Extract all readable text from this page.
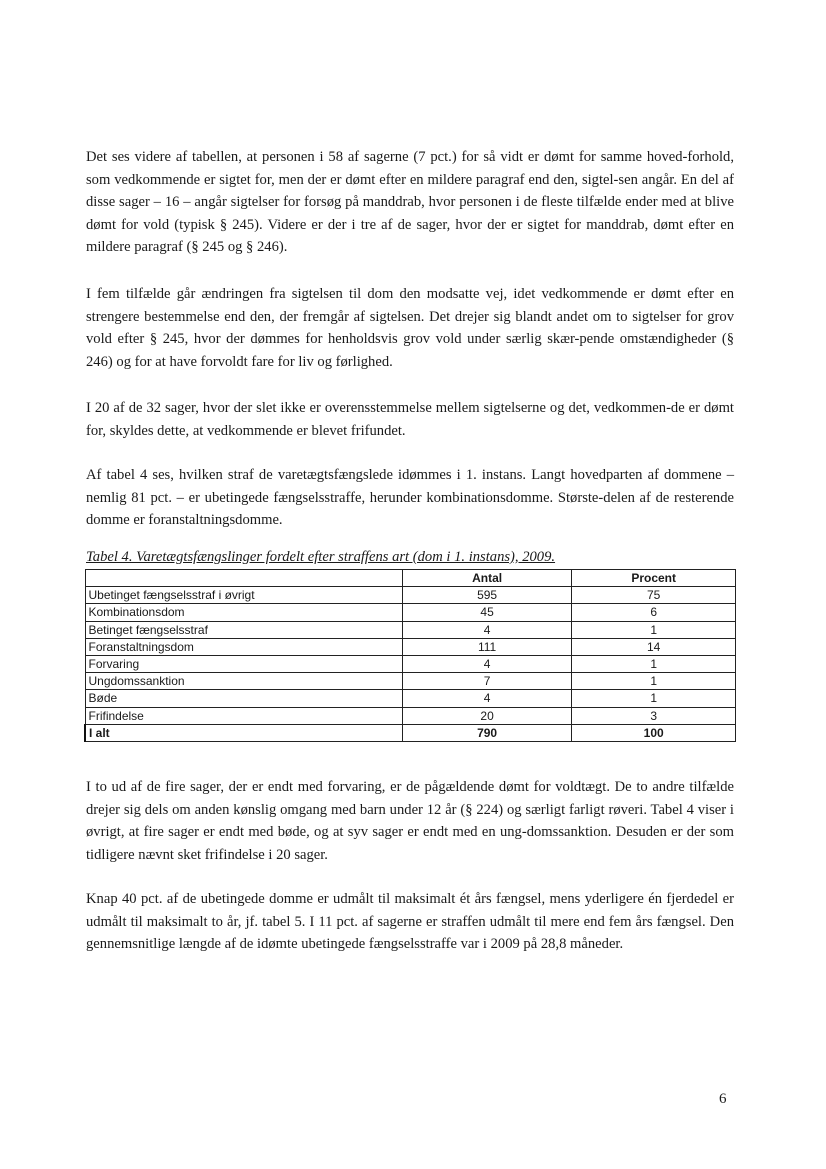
Det ses videre af tabellen, at personen i 58 af sagerne (7 pct.) for så vidt er dømt for samme hoved-forhold, som vedkommende er sigtet for, men der er dømt efter en mildere paragraf end den, sigtel-sen angår. En del af disse sager – 16 – angår sigtelser for forsøg på manddrab, hvor personen i de fleste tilfælde ender med at blive dømt for vold (typisk § 245). Videre er der i tre af de sager, hvor der er sigtet for manddrab, dømt efter en mildere paragraf (§ 245 og § 246).

I fem tilfælde går ændringen fra sigtelsen til dom den modsatte vej, idet vedkommende er dømt efter en strengere bestemmelse end den, der fremgår af sigtelsen. Det drejer sig blandt andet om to sigtelser for grov vold efter § 245, hvor der dømmes for henholdsvis grov vold under særlig skær-pende omstændigheder (§ 246) og for at have forvoldt fare for liv og førlighed.

I 20 af de 32 sager, hvor der slet ikke er overensstemmelse mellem sigtelserne og det, vedkommen-de er dømt for, skyldes dette, at vedkommende er blevet frifundet.

Af tabel 4 ses, hvilken straf de varetægtsfængslede idømmes i 1. instans. Langt hovedparten af dommene – nemlig 81 pct. – er ubetingede fængselsstraffe, herunder kombinationsdomme. Største-delen af de resterende domme er foranstaltningsdomme.

Tabel 4. Varetægtsfængslinger fordelt efter straffens art (dom i 1. instans), 2009.
	Antal	Procent
Ubetinget fængselsstraf i øvrigt	595	75
Kombinationsdom	45	6
Betinget fængselsstraf	4	1
Foranstaltningsdom	111	14
Forvaring	4	1
Ungdomssanktion	7	1
Bøde	4	1
Frifindelse	20	3
I alt	790	100

I to ud af de fire sager, der er endt med forvaring, er de pågældende dømt for voldtægt. De to andre tilfælde drejer sig dels om anden kønslig omgang med barn under 12 år (§ 224) og særligt farligt røveri. Tabel 4 viser i øvrigt, at fire sager er endt med bøde, og at syv sager er endt med en ung-domssanktion. Desuden er der som tidligere nævnt sket frifindelse i 20 sager.

Knap 40 pct. af de ubetingede domme er udmålt til maksimalt ét års fængsel, mens yderligere én fjerdedel er udmålt til maksimalt to år, jf. tabel 5. I 11 pct. af sagerne er straffen udmålt til mere end fem års fængsel. Den gennemsnitlige længde af de idømte ubetingede fængselsstraffe var i 2009 på 28,8 måneder.

6
